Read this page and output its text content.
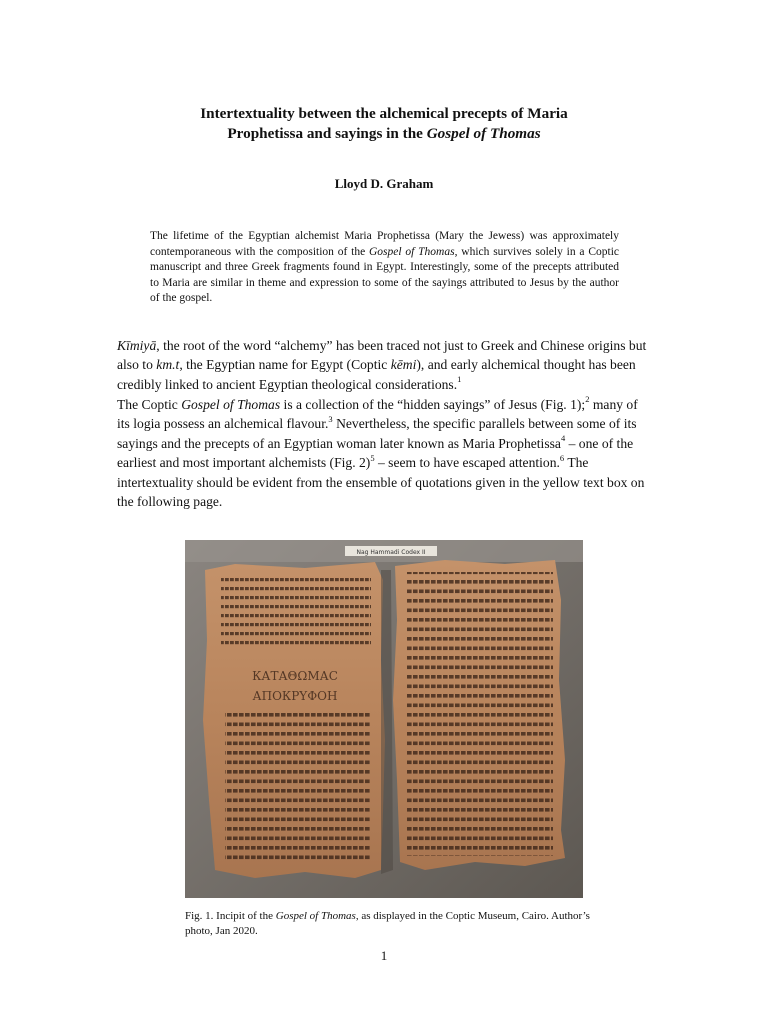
Intertextuality between the alchemical precepts of Maria
Prophetissa and sayings in the Gospel of Thomas
Lloyd D. Graham
The lifetime of the Egyptian alchemist Maria Prophetissa (Mary the Jewess) was approximately contemporaneous with the composition of the Gospel of Thomas, which survives solely in a Coptic manuscript and three Greek fragments found in Egypt. Interestingly, some of the precepts attributed to Maria are similar in theme and expression to some of the sayings attributed to Jesus by the author of the gospel.
Kīmiyā, the root of the word “alchemy” has been traced not just to Greek and Chinese origins but also to km.t, the Egyptian name for Egypt (Coptic kēmi), and early alchemical thought has been credibly linked to ancient Egyptian theological considerations.$^1$
The Coptic Gospel of Thomas is a collection of the “hidden sayings” of Jesus (Fig. 1);$^2$ many of its logia possess an alchemical flavour.$^3$ Nevertheless, the specific parallels between some of its sayings and the precepts of an Egyptian woman later known as Maria Prophetissa$^4$ – one of the earliest and most important alchemists (Fig. 2)$^5$ – seem to have escaped attention.$^6$ The intertextuality should be evident from the ensemble of quotations given in the yellow text box on the following page.
Nag Hammadi Codex II
КАТАΘΩМАС
АПОКРΥФОН
Fig. 1. Incipit of the Gospel of Thomas, as displayed in the Coptic Museum, Cairo. Author’s photo, Jan 2020.
1
